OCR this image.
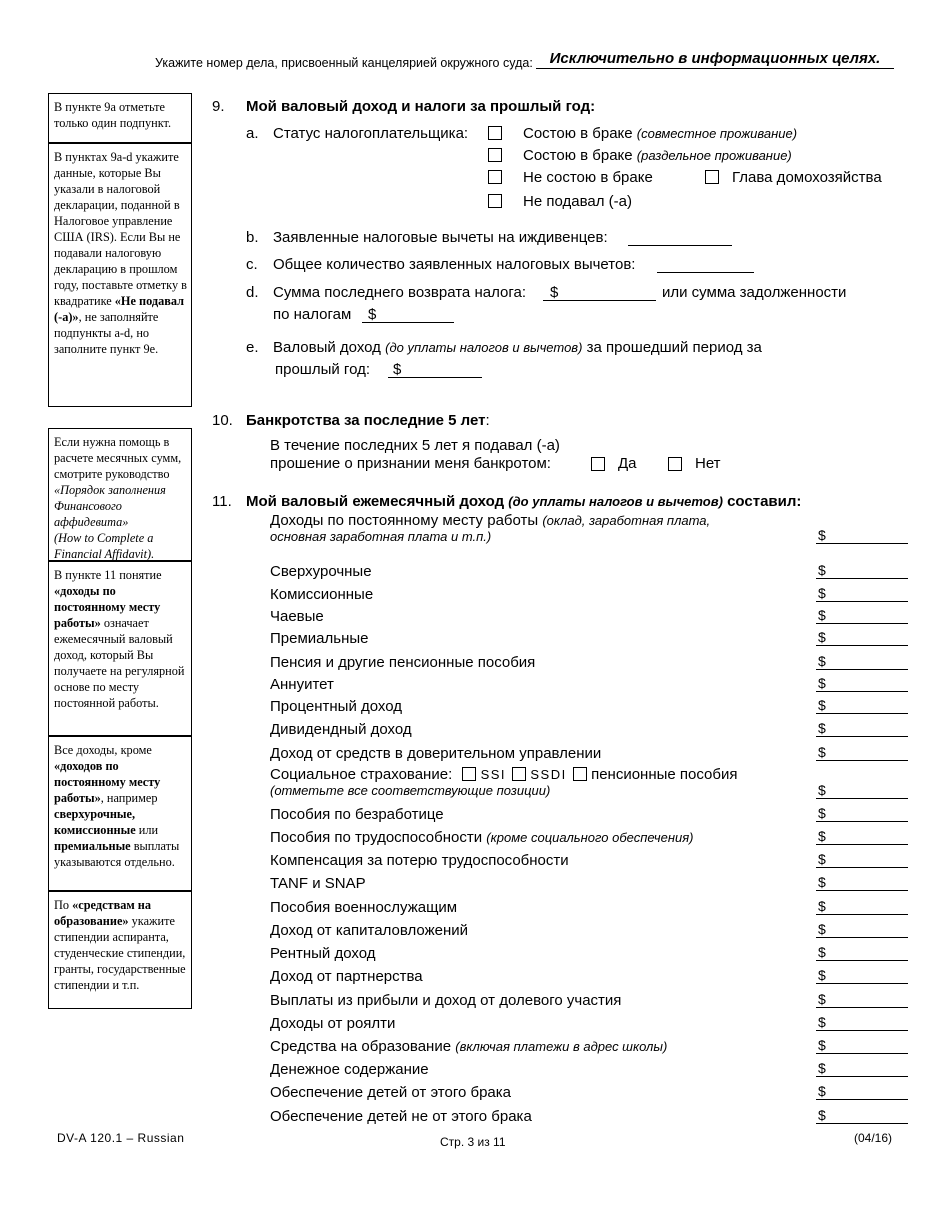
Укажите номер дела, присвоенный канцелярией окружного суда:	Исключительно в информационных целях.
В пункте 9a отметьте только один подпункт.
В пунктах 9a-d укажите данные, которые Вы указали в налоговой декларации, поданной в Налоговое управление США (IRS). Если Вы не подавали налоговую декларацию в прошлом году, поставьте отметку в квадратике «Не подавал (-а)», не заполняйте подпункты a-d, но заполните пункт 9e.
Если нужна помощь в расчете месячных сумм, смотрите руководство «Порядок заполнения Финансового аффидевита»
(How to Complete a Financial Affidavit).
В пункте 11 понятие «доходы по постоянному месту работы» означает ежемесячный валовый доход, который Вы получаете на регулярной основе по месту постоянной работы.
Все доходы, кроме «доходов по постоянному месту работы», например сверхурочные, комиссионные или премиальные выплаты указываются отдельно.
По «средствам на образование» укажите стипендии аспиранта, студенческие стипендии, гранты, государственные стипендии и т.п.
9. Мой валовый доход и налоги за прошлый год:
a. Статус налогоплательщика:	Состою в браке (совместное проживание)
Состою в браке (раздельное проживание)
Не состою в браке	Глава домохозяйства
Не подавал (-а)
b. Заявленные налоговые вычеты на иждивенцев:
c. Общее количество заявленных налоговых вычетов:
d. Сумма последнего возврата налога: $	или сумма задолженности
по налогам $
e. Валовый доход (до уплаты налогов и вычетов) за прошедший период за
прошлый год: $
10. Банкротства за последние 5 лет:
В течение последних 5 лет я подавал (-а)
прошение о признании меня банкротом:	Да	Нет
11. Мой валовый ежемесячный доход (до уплаты налогов и вычетов) составил:
Доходы по постоянному месту работы (оклад, заработная плата,
основная заработная плата и т.п.)	$
Сверхурочные	$
Комиссионные	$
Чаевые	$
Премиальные	$
Пенсия и другие пенсионные пособия	$
Аннуитет	$
Процентный доход	$
Дивидендный доход	$
Доход от средств в доверительном управлении	$
Пособия по безработице	$
Пособия по трудоспособности (кроме социального обеспечения)	$
Компенсация за потерю трудоспособности	$
TANF и SNAP	$
Пособия военнослужащим	$
Доход от капиталовложений	$
Рентный доход	$
Доход от партнерства	$
Выплаты из прибыли и доход от долевого участия	$
Доходы от роялти	$
Средства на образование (включая платежи в адрес школы)	$
Денежное содержание	$
Обеспечение детей от этого брака	$
Обеспечение детей не от этого брака	$
Социальное страхование: SSI SSDI пенсионные пособия
(отметьте все соответствующие позиции)	$
DV-A 120.1 – Russian	Стр. 3 из 11	(04/16)
